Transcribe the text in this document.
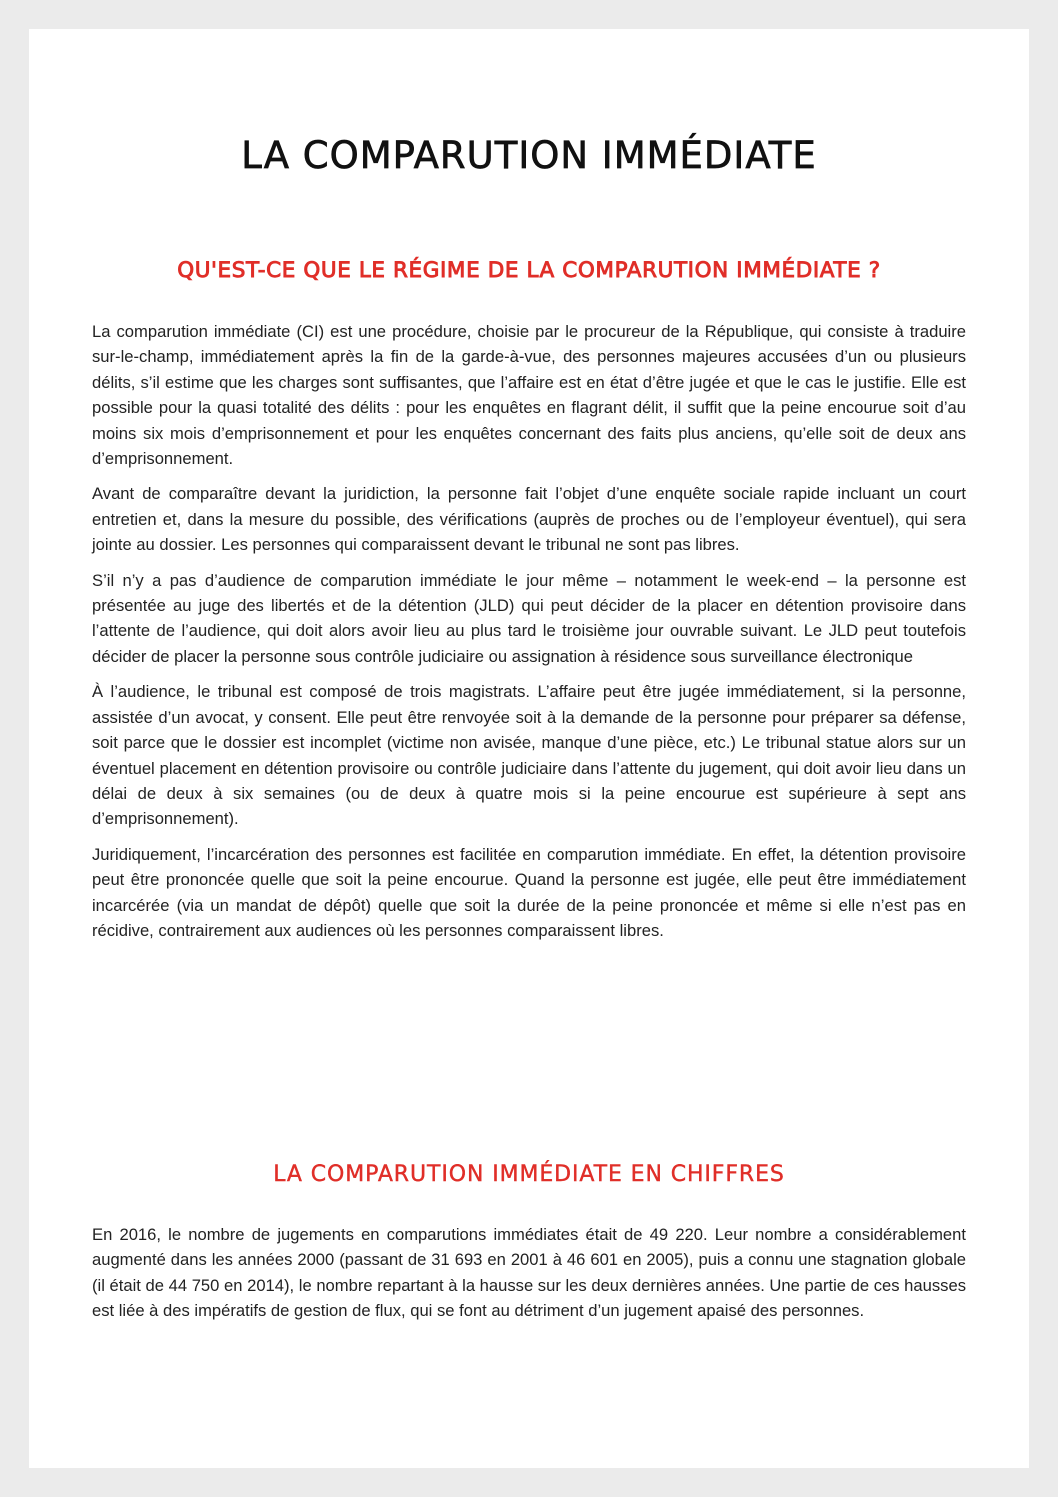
LA COMPARUTION IMMÉDIATE
QU'EST-CE QUE LE RÉGIME DE LA COMPARUTION IMMÉDIATE ?

La comparution immédiate (CI) est une procédure, choisie par le procureur de la République, qui consiste à traduire sur-le-champ, immédiatement après la fin de la garde-à-vue, des personnes majeures accusées d’un ou plusieurs délits, s’il estime que les charges sont suffisantes, que l’affaire est en état d’être jugée et que le cas le justifie. Elle est possible pour la quasi totalité des délits : pour les enquêtes en flagrant délit, il suffit que la peine encourue soit d’au moins six mois d’emprisonnement et pour les enquêtes concernant des faits plus anciens, qu’elle soit de deux ans d’emprisonnement.

Avant de comparaître devant la juridiction, la personne fait l’objet d’une enquête sociale rapide incluant un court entretien et, dans la mesure du possible, des vérifications (auprès de proches ou de l’employeur éventuel), qui sera jointe au dossier. Les personnes qui comparaissent devant le tribunal ne sont pas libres.

S’il n’y a pas d’audience de comparution immédiate le jour même – notamment le week-end – la personne est présentée au juge des libertés et de la détention (JLD) qui peut décider de la placer en détention provisoire dans l’attente de l’audience, qui doit alors avoir lieu au plus tard le troisième jour ouvrable suivant. Le JLD peut toutefois décider de placer la personne sous contrôle judiciaire ou assignation à résidence sous surveillance électronique

À l’audience, le tribunal est composé de trois magistrats. L’affaire peut être jugée immédiatement, si la personne, assistée d’un avocat, y consent. Elle peut être renvoyée soit à la demande de la personne pour préparer sa défense, soit parce que le dossier est incomplet (victime non avisée, manque d’une pièce, etc.) Le tribunal statue alors sur un éventuel placement en détention provisoire ou contrôle judiciaire dans l’attente du jugement, qui doit avoir lieu dans un délai de deux à six semaines (ou de deux à quatre mois si la peine encourue est supérieure à sept ans d’emprisonnement).

Juridiquement, l’incarcération des personnes est facilitée en comparution immédiate. En effet, la détention provisoire peut être prononcée quelle que soit la peine encourue. Quand la personne est jugée, elle peut être immédiatement incarcérée (via un mandat de dépôt) quelle que soit la durée de la peine prononcée et même si elle n’est pas en récidive, contrairement aux audiences où les personnes comparaissent libres.

LA COMPARUTION IMMÉDIATE EN CHIFFRES

En 2016, le nombre de jugements en comparutions immédiates était de 49 220. Leur nombre a considérablement augmenté dans les années 2000 (passant de 31 693 en 2001 à 46 601 en 2005), puis a connu une stagnation globale (il était de 44 750 en 2014), le nombre repartant à la hausse sur les deux dernières années. Une partie de ces hausses est liée à des impératifs de gestion de flux, qui se font au détriment d’un jugement apaisé des personnes.
